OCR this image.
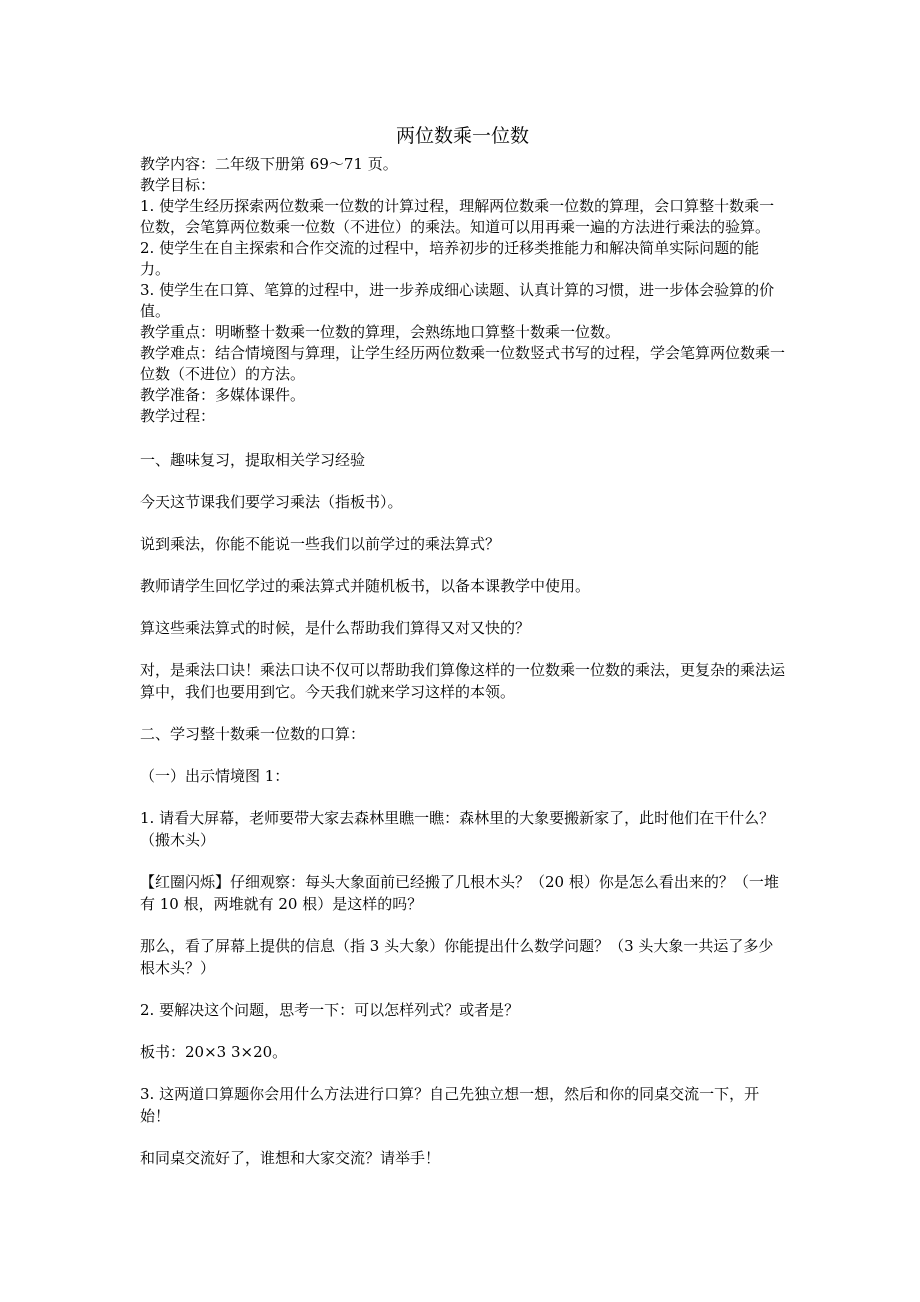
两位数乘一位数

教学内容：二年级下册第 69～71 页。

教学目标：

1. 使学生经历探索两位数乘一位数的计算过程，理解两位数乘一位数的算理，会口算整十数乘一位数，会笔算两位数乘一位数（不进位）的乘法。知道可以用再乘一遍的方法进行乘法的验算。

2. 使学生在自主探索和合作交流的过程中，培养初步的迁移类推能力和解决简单实际问题的能力。

3. 使学生在口算、笔算的过程中，进一步养成细心读题、认真计算的习惯，进一步体会验算的价值。

教学重点：明晰整十数乘一位数的算理，会熟练地口算整十数乘一位数。

教学难点：结合情境图与算理，让学生经历两位数乘一位数竖式书写的过程，学会笔算两位数乘一位数（不进位）的方法。

教学准备：多媒体课件。

教学过程：

一、趣味复习，提取相关学习经验

今天这节课我们要学习乘法（指板书）。

说到乘法，你能不能说一些我们以前学过的乘法算式？

教师请学生回忆学过的乘法算式并随机板书，以备本课教学中使用。

算这些乘法算式的时候，是什么帮助我们算得又对又快的？

对，是乘法口诀！乘法口诀不仅可以帮助我们算像这样的一位数乘一位数的乘法，更复杂的乘法运算中，我们也要用到它。今天我们就来学习这样的本领。

二、学习整十数乘一位数的口算：

（一）出示情境图 1：

1. 请看大屏幕，老师要带大家去森林里瞧一瞧：森林里的大象要搬新家了，此时他们在干什么？（搬木头）

【红圈闪烁】仔细观察：每头大象面前已经搬了几根木头？（20 根）你是怎么看出来的？（一堆有 10 根，两堆就有 20 根）是这样的吗？

那么，看了屏幕上提供的信息（指 3 头大象）你能提出什么数学问题？（3 头大象一共运了多少根木头？）

2. 要解决这个问题，思考一下：可以怎样列式？或者是？

板书：20×3 3×20。

3. 这两道口算题你会用什么方法进行口算？自己先独立想一想，然后和你的同桌交流一下，开始！

和同桌交流好了，谁想和大家交流？请举手！
